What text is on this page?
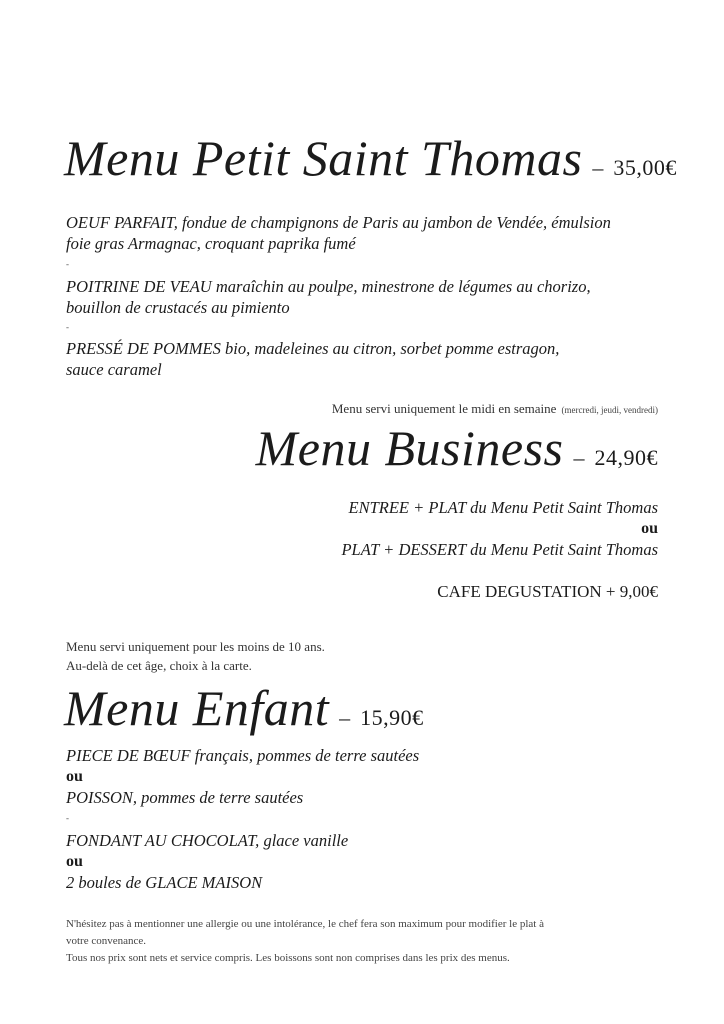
Menu Petit Saint Thomas – 35,00€
OEUF PARFAIT, fondue de champignons de Paris au jambon de Vendée, émulsion
foie gras Armagnac, croquant paprika fumé
-
POITRINE DE VEAU maraîchin au poulpe, minestrone de légumes au chorizo,
bouillon de crustacés au pimiento
-
PRESSÉ DE POMMES bio, madeleines au citron, sorbet pomme estragon,
sauce caramel
Menu servi uniquement le midi en semaine (mercredi, jeudi, vendredi)
Menu Business – 24,90€
ENTREE + PLAT du Menu Petit Saint Thomas
ou
PLAT + DESSERT du Menu Petit Saint Thomas
CAFE DEGUSTATION + 9,00€
Menu servi uniquement pour les moins de 10 ans.
Au-delà de cet âge, choix à la carte.
Menu Enfant – 15,90€
PIECE DE BŒUF français, pommes de terre sautées
ou
POISSON, pommes de terre sautées
-
FONDANT AU CHOCOLAT, glace vanille
ou
2 boules de GLACE MAISON
N'hésitez pas à mentionner une allergie ou une intolérance, le chef fera son maximum pour modifier le plat à
votre convenance.
Tous nos prix sont nets et service compris. Les boissons sont non comprises dans les prix des menus.
